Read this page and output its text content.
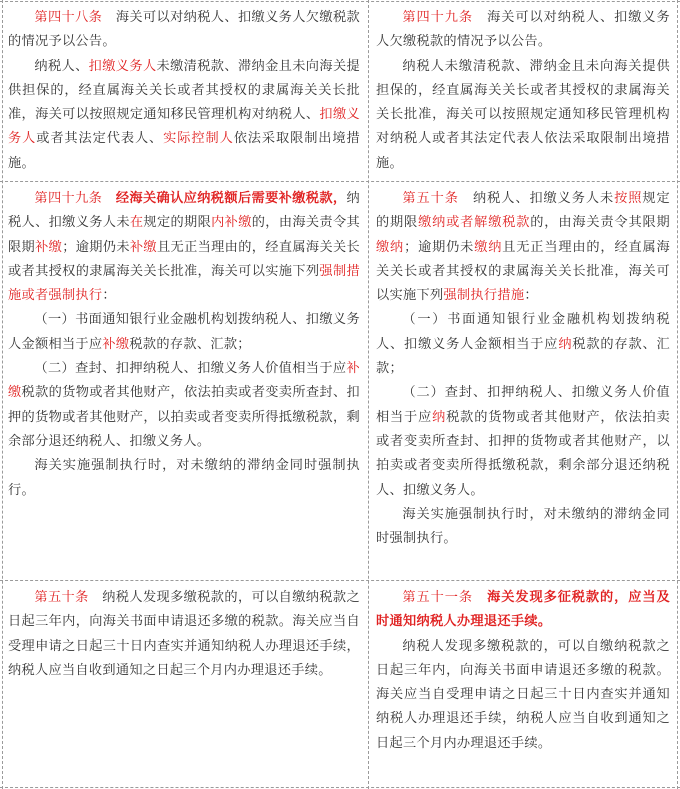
第四十八条　海关可以对纳税人、扣缴义务人欠缴税款的情况予以公告。

纳税人、扣缴义务人未缴清税款、滞纳金且未向海关提供担保的，经直属海关关长或者其授权的隶属海关关长批准，海关可以按照规定通知移民管理机构对纳税人、扣缴义务人或者其法定代表人、实际控制人依法采取限制出境措施。

第四十九条　海关可以对纳税人、扣缴义务人欠缴税款的情况予以公告。

纳税人未缴清税款、滞纳金且未向海关提供担保的，经直属海关关长或者其授权的隶属海关关长批准，海关可以按照规定通知移民管理机构对纳税人或者其法定代表人依法采取限制出境措施。

第四十九条　经海关确认应纳税额后需要补缴税款，纳税人、扣缴义务人未在规定的期限内补缴的，由海关责令其限期补缴；逾期仍未补缴且无正当理由的，经直属海关关长或者其授权的隶属海关关长批准，海关可以实施下列强制措施或者强制执行：

（一）书面通知银行业金融机构划拨纳税人、扣缴义务人金额相当于应补缴税款的存款、汇款；

（二）查封、扣押纳税人、扣缴义务人价值相当于应补缴税款的货物或者其他财产，依法拍卖或者变卖所查封、扣押的货物或者其他财产，以拍卖或者变卖所得抵缴税款，剩余部分退还纳税人、扣缴义务人。

海关实施强制执行时，对未缴纳的滞纳金同时强制执行。

第五十条　纳税人、扣缴义务人未按照规定的期限缴纳或者解缴税款的，由海关责令其限期缴纳；逾期仍未缴纳且无正当理由的，经直属海关关长或者其授权的隶属海关关长批准，海关可以实施下列强制执行措施：

（一）书面通知银行业金融机构划拨纳税人、扣缴义务人金额相当于应纳税款的存款、汇款；

（二）查封、扣押纳税人、扣缴义务人价值相当于应纳税款的货物或者其他财产，依法拍卖或者变卖所查封、扣押的货物或者其他财产，以拍卖或者变卖所得抵缴税款，剩余部分退还纳税人、扣缴义务人。

海关实施强制执行时，对未缴纳的滞纳金同时强制执行。

第五十条　纳税人发现多缴税款的，可以自缴纳税款之日起三年内，向海关书面申请退还多缴的税款。海关应当自受理申请之日起三十日内查实并通知纳税人办理退还手续，纳税人应当自收到通知之日起三个月内办理退还手续。

第五十一条　海关发现多征税款的，应当及时通知纳税人办理退还手续。

纳税人发现多缴税款的，可以自缴纳税款之日起三年内，向海关书面申请退还多缴的税款。海关应当自受理申请之日起三十日内查实并通知纳税人办理退还手续，纳税人应当自收到通知之日起三个月内办理退还手续。
